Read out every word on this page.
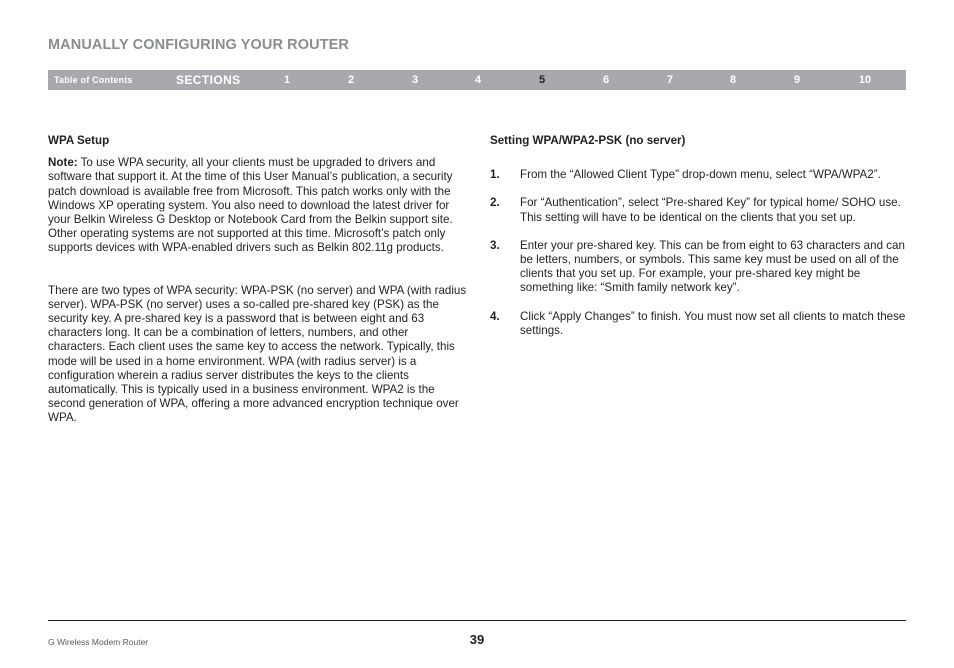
MANUALLY CONFIGURING YOUR ROUTER
Table of Contents	SECTIONS	1	2	3	4	5	6	7	8	9	10
WPA Setup

Note: To use WPA security, all your clients must be upgraded to drivers and software that support it. At the time of this User Manual’s publication, a security patch download is available free from Microsoft. This patch works only with the Windows XP operating system. You also need to download the latest driver for your Belkin Wireless G Desktop or Notebook Card from the Belkin support site. Other operating systems are not supported at this time. Microsoft’s patch only supports devices with WPA-enabled drivers such as Belkin 802.11g products.

There are two types of WPA security: WPA-PSK (no server) and WPA (with radius server). WPA-PSK (no server) uses a so-called pre-shared key (PSK) as the security key. A pre-shared key is a password that is between eight and 63 characters long. It can be a combination of letters, numbers, and other characters. Each client uses the same key to access the network. Typically, this mode will be used in a home environment. WPA (with radius server) is a configuration wherein a radius server distributes the keys to the clients automatically. This is typically used in a business environment. WPA2 is the second generation of WPA, offering a more advanced encryption technique over WPA.

Setting WPA/WPA2-PSK (no server)
1. From the “Allowed Client Type” drop-down menu, select “WPA/WPA2”.
2. For “Authentication”, select “Pre-shared Key” for typical home/ SOHO use. This setting will have to be identical on the clients that you set up.
3. Enter your pre-shared key. This can be from eight to 63 characters and can be letters, numbers, or symbols. This same key must be used on all of the clients that you set up. For example, your pre-shared key might be something like: “Smith family network key”.
4. Click “Apply Changes” to finish. You must now set all clients to match these settings.
G Wireless Modem Router	39
